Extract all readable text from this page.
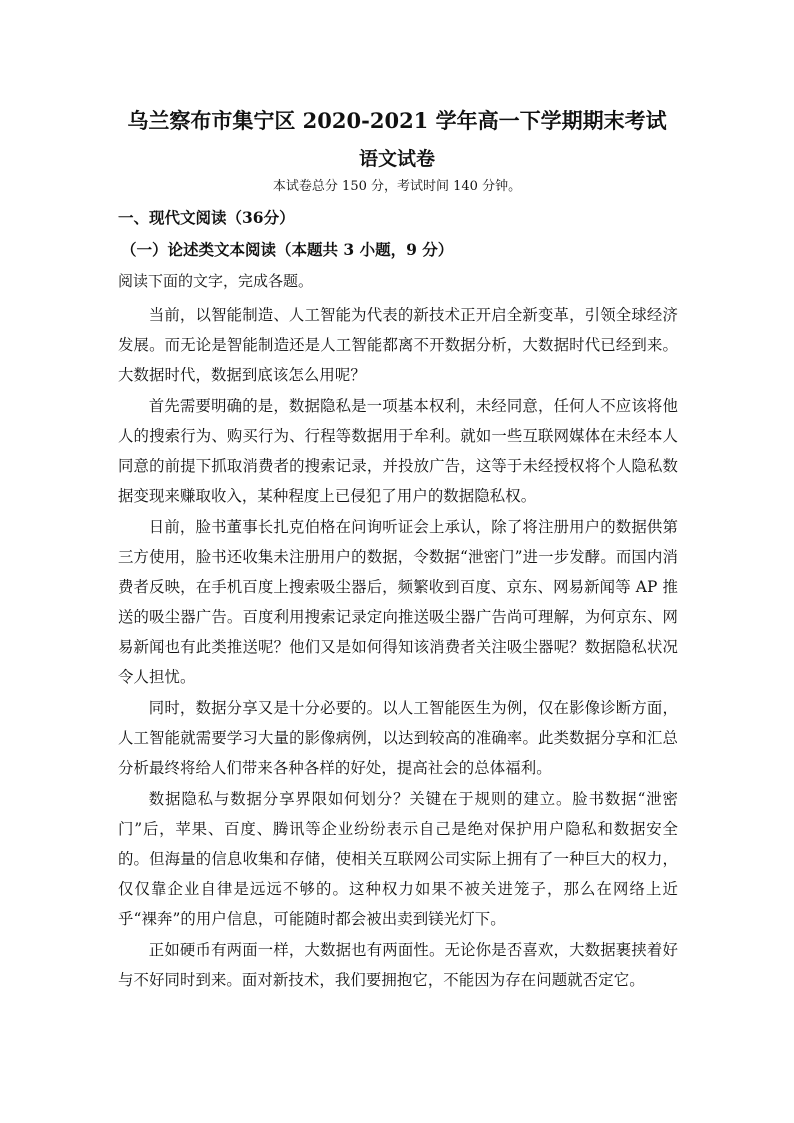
乌兰察布市集宁区 2020-2021 学年高一下学期期末考试
语文试卷
本试卷总分 150 分，考试时间 140 分钟。
一、现代文阅读（36分）
（一）论述类文本阅读（本题共 3 小题，9 分）
阅读下面的文字，完成各题。

当前，以智能制造、人工智能为代表的新技术正开启全新变革，引领全球经济发展。而无论是智能制造还是人工智能都离不开数据分析，大数据时代已经到来。大数据时代，数据到底该怎么用呢？

首先需要明确的是，数据隐私是一项基本权利，未经同意，任何人不应该将他人的搜索行为、购买行为、行程等数据用于牟利。就如一些互联网媒体在未经本人同意的前提下抓取消费者的搜索记录，并投放广告，这等于未经授权将个人隐私数据变现来赚取收入，某种程度上已侵犯了用户的数据隐私权。

日前，脸书董事长扎克伯格在问询听证会上承认，除了将注册用户的数据供第三方使用，脸书还收集未注册用户的数据，令数据“泄密门”进一步发酵。而国内消费者反映，在手机百度上搜索吸尘器后，频繁收到百度、京东、网易新闻等 AP 推送的吸尘器广告。百度利用搜索记录定向推送吸尘器广告尚可理解，为何京东、网易新闻也有此类推送呢？他们又是如何得知该消费者关注吸尘器呢？数据隐私状况令人担忧。

同时，数据分享又是十分必要的。以人工智能医生为例，仅在影像诊断方面，人工智能就需要学习大量的影像病例，以达到较高的准确率。此类数据分享和汇总分析最终将给人们带来各种各样的好处，提高社会的总体福利。

数据隐私与数据分享界限如何划分？关键在于规则的建立。脸书数据“泄密门”后，苹果、百度、腾讯等企业纷纷表示自己是绝对保护用户隐私和数据安全的。但海量的信息收集和存储，使相关互联网公司实际上拥有了一种巨大的权力，仅仅靠企业自律是远远不够的。这种权力如果不被关进笼子，那么在网络上近乎“裸奔”的用户信息，可能随时都会被出卖到镁光灯下。

正如硬币有两面一样，大数据也有两面性。无论你是否喜欢，大数据裹挟着好与不好同时到来。面对新技术，我们要拥抱它，不能因为存在问题就否定它。
